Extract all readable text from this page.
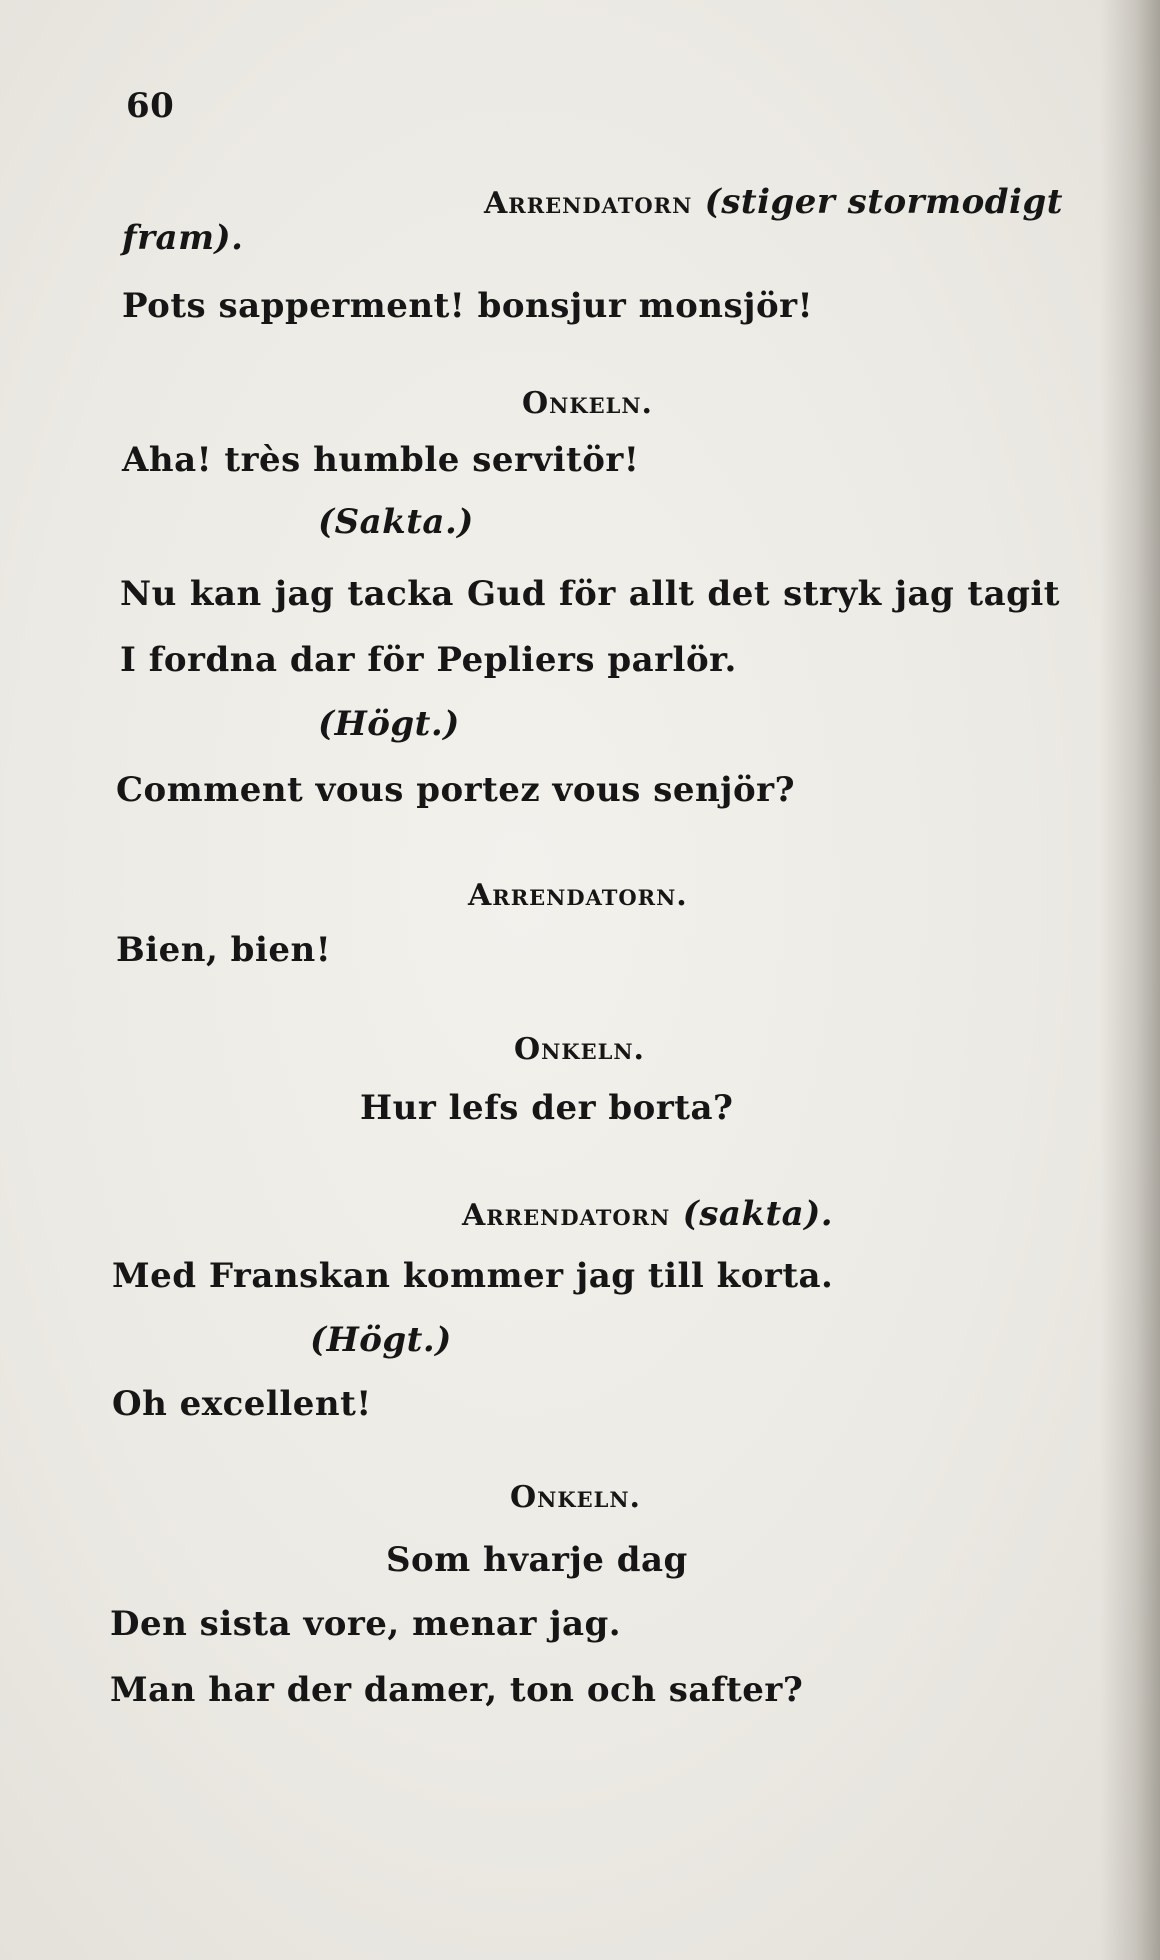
60
Arrendatorn (stiger stormodigt
fram).
Pots sapperment! bonsjur monsjör!
Onkeln.
Aha! très humble servitör!
(Sakta.)
Nu kan jag tacka Gud för allt det stryk jag tagit
I fordna dar för Pepliers parlör.
(Högt.)
Comment vous portez vous senjör?
Arrendatorn.
Bien, bien!
Onkeln.
Hur lefs der borta?
Arrendatorn (sakta).
Med Franskan kommer jag till korta.
(Högt.)
Oh excellent!
Onkeln.
Som hvarje dag
Den sista vore, menar jag.
Man har der damer, ton och safter?
